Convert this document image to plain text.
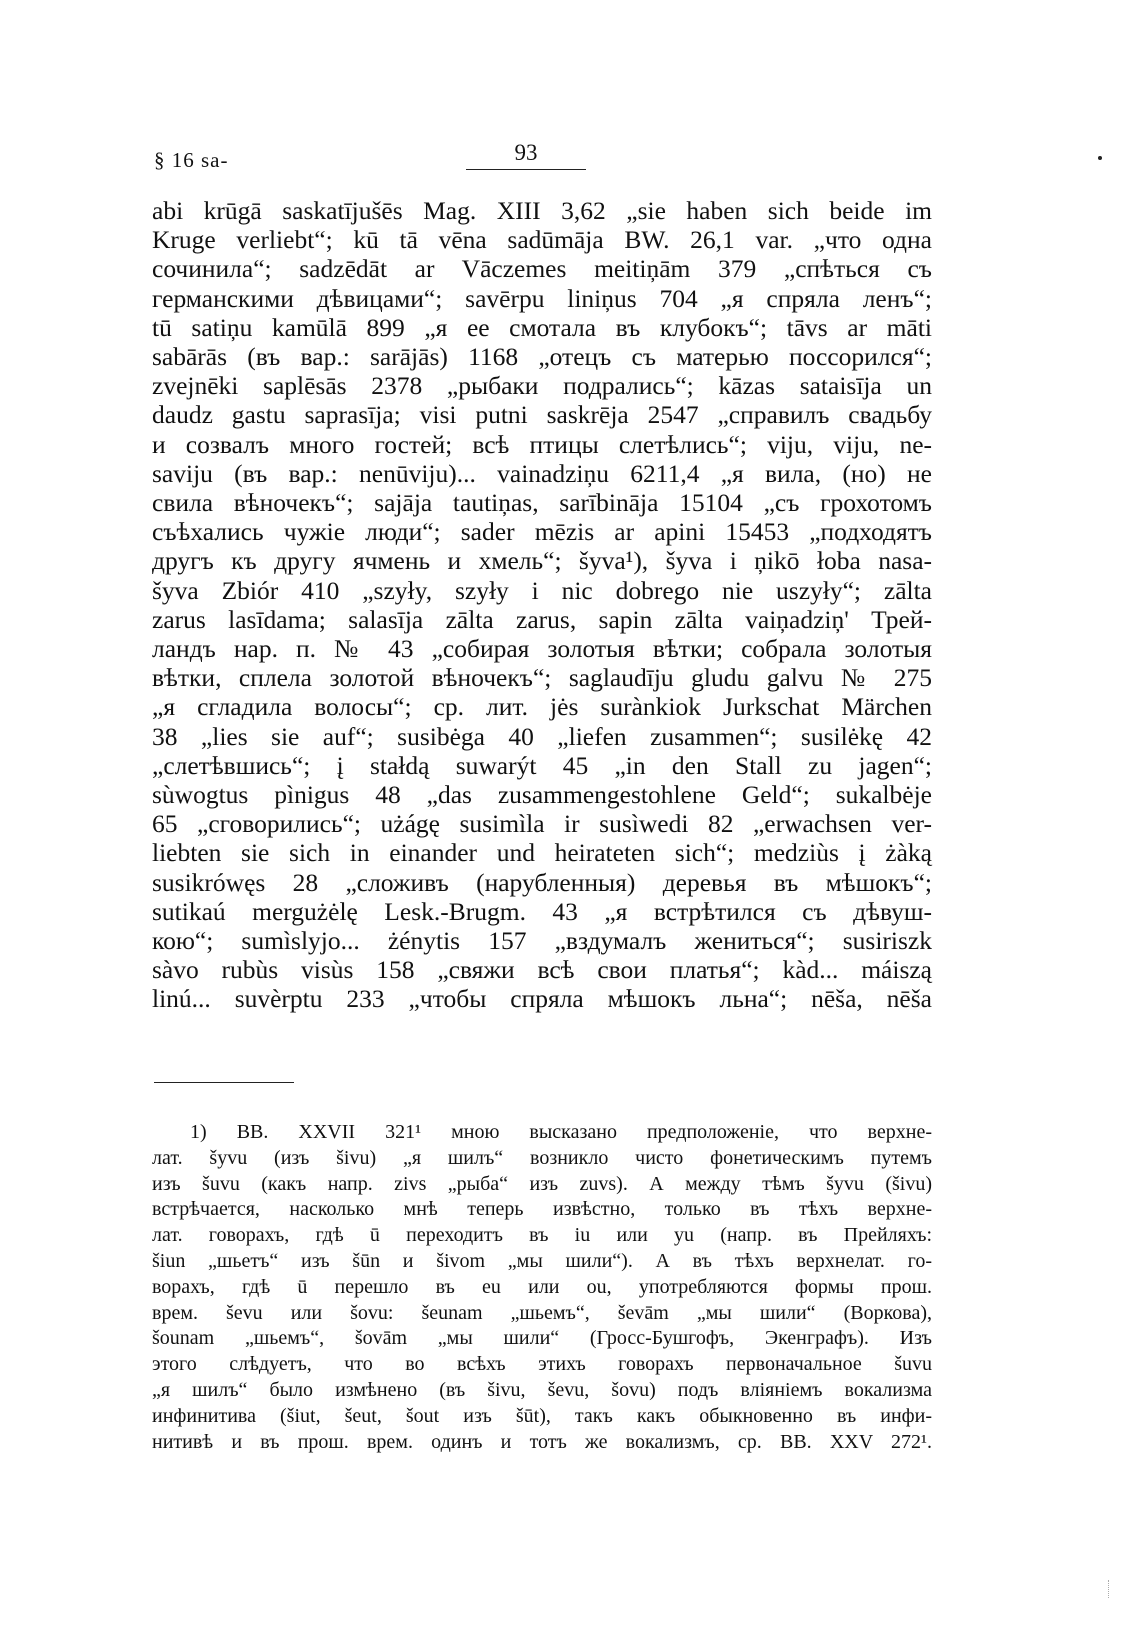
§ 16 sa-	93
abi krūgā saskatījušēs Mag. XIII 3,62 „sie haben sich beide im
Kruge verliebt“; kū tā vēna sadūmāja BW. 26,1 var. „что одна
сочинила“; sadzēdāt ar Vāczemes meitiņām 379 „спѣться съ
германскими дѣвицами“; savērpu liniņus 704 „я спряла ленъ“;
tū satiņu kamūlā 899 „я ее смотала въ клубокъ“; tāvs ar māti
sabārās (въ вар.: sarājās) 1168 „отецъ съ матерью поссорился“;
zvejnēki saplēsās 2378 „рыбаки подрались“; kāzas sataisīja un
daudz gastu saprasīja; visi putni saskrēja 2547 „справилъ свадьбу
и созвалъ много гостей; всѣ птицы слетѣлись“; viju, viju, ne-
saviju (въ вар.: nenūviju)... vainadziņu 6211,4 „я вила, (но) не
свила вѣночекъ“; sajāja tautiņas, sarībināja 15104 „съ грохотомъ
съѣхались чужіе люди“; sader mēzis ar apini 15453 „подходятъ
другъ къ другу ячмень и хмель“; šyva¹), šyva i ņikō łoba nasa-
šyva Zbiór 410 „szyły, szyły i nic dobrego nie uszyły“; zālta
zarus lasīdama; salasīja zālta zarus, sapin zālta vaiņadziņ' Трей-
ландъ нар. п. № 43 „собирая золотыя вѣтки; собрала золотыя
вѣтки, сплела золотой вѣночекъ“; saglaudīju gludu galvu № 275
„я сгладила волосы“; ср. лит. jės surànkiok Jurkschat Märchen
38 „lies sie auf“; susibėga 40 „liefen zusammen“; susilėkę 42
„слетѣвшись“; į stałdą suwarýt 45 „in den Stall zu jagen“;
sùwogtus pìnigus 48 „das zusammengestohlene Geld“; sukalbėje
65 „сговорились“; użágę susimìla ir susìwedi 82 „erwachsen ver-
liebten sie sich in einander und heirateten sich“; medziùs į żàką
susikrówęs 28 „сложивъ (нарубленныя) деревья въ мѣшокъ“;
sutikaú mergużėlę Lesk.-Brugm. 43 „я встрѣтился съ дѣвуш-
кою“; sumìslyjo... żénytis 157 „вздумалъ жениться“; susiriszk
sàvo rubùs visùs 158 „свяжи всѣ свои платья“; kàd... máiszą
linú... suvèrptu 233 „чтобы спряла мѣшокъ льна“; nēša, nēša
1) BB. XXVII 321¹ мною высказано предположеніе, что верхне-
лат. šyvu (изъ šivu) „я шилъ“ возникло чисто фонетическимъ путемъ
изъ šuvu (какъ напр. zivs „рыба“ изъ zuvs). А между тѣмъ šyvu (šivu)
встрѣчается, насколько мнѣ теперь извѣстно, только въ тѣхъ верхне-
лат. говорахъ, гдѣ ū переходитъ въ iu или yu (напр. въ Прейляхъ:
šiun „шьетъ“ изъ šūn и šivom „мы шили“). А въ тѣхъ верхнелат. го-
ворахъ, гдѣ ū перешло въ eu или ou, употребляются формы прош.
врем. ševu или šovu: šeunam „шьемъ“, ševām „мы шили“ (Воркова),
šounam „шьемъ“, šovām „мы шили“ (Гросс-Бушгофъ, Экенграфъ). Изъ
этого слѣдуетъ, что во всѣхъ этихъ говорахъ первоначальное šuvu
„я шилъ“ было измѣнено (въ šivu, ševu, šovu) подъ вліяніемъ вокализма
инфинитива (šiut, šeut, šout изъ šūt), такъ какъ обыкновенно въ инфи-
нитивѣ и въ прош. врем. одинъ и тотъ же вокализмъ, ср. BB. XXV 272¹.
